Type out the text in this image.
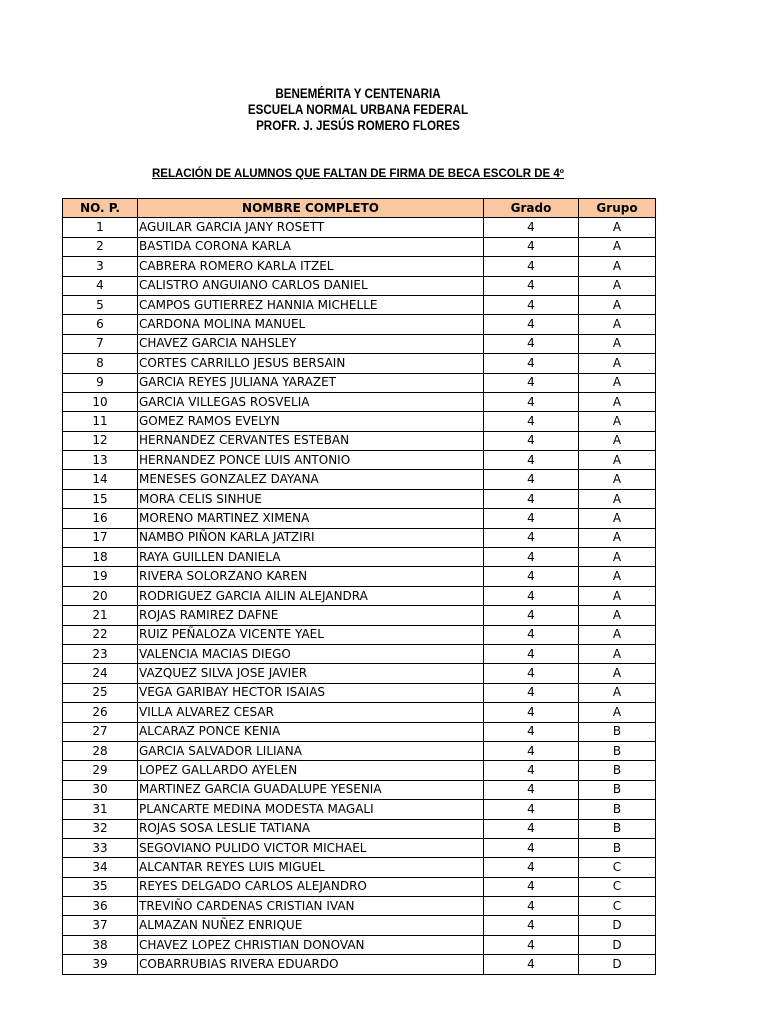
BENEMÉRITA Y CENTENARIA
ESCUELA NORMAL URBANA FEDERAL
PROFR. J. JESÚS ROMERO FLORES
RELACIÓN DE ALUMNOS QUE FALTAN DE FIRMA DE BECA ESCOLR DE 4º
NO. P.	NOMBRE COMPLETO	Grado	Grupo
1	AGUILAR GARCIA JANY ROSETT	4	A
2	BASTIDA CORONA KARLA	4	A
3	CABRERA ROMERO KARLA ITZEL	4	A
4	CALISTRO ANGUIANO CARLOS DANIEL	4	A
5	CAMPOS GUTIERREZ HANNIA MICHELLE	4	A
6	CARDONA MOLINA MANUEL	4	A
7	CHAVEZ GARCIA NAHSLEY	4	A
8	CORTES CARRILLO JESUS BERSAIN	4	A
9	GARCIA REYES JULIANA YARAZET	4	A
10	GARCIA VILLEGAS ROSVELIA	4	A
11	GOMEZ RAMOS EVELYN	4	A
12	HERNANDEZ CERVANTES ESTEBAN	4	A
13	HERNANDEZ PONCE LUIS ANTONIO	4	A
14	MENESES GONZALEZ DAYANA	4	A
15	MORA CELIS SINHUE	4	A
16	MORENO MARTINEZ XIMENA	4	A
17	NAMBO PIÑON KARLA JATZIRI	4	A
18	RAYA GUILLEN DANIELA	4	A
19	RIVERA SOLORZANO KAREN	4	A
20	RODRIGUEZ GARCIA AILIN ALEJANDRA	4	A
21	ROJAS RAMIREZ DAFNE	4	A
22	RUIZ PEÑALOZA VICENTE YAEL	4	A
23	VALENCIA MACIAS DIEGO	4	A
24	VAZQUEZ SILVA JOSE JAVIER	4	A
25	VEGA GARIBAY HECTOR ISAIAS	4	A
26	VILLA ALVAREZ CESAR	4	A
27	ALCARAZ PONCE KENIA	4	B
28	GARCIA SALVADOR LILIANA	4	B
29	LOPEZ GALLARDO AYELEN	4	B
30	MARTINEZ GARCIA GUADALUPE YESENIA	4	B
31	PLANCARTE MEDINA MODESTA MAGALI	4	B
32	ROJAS SOSA LESLIE TATIANA	4	B
33	SEGOVIANO PULIDO VICTOR MICHAEL	4	B
34	ALCANTAR REYES LUIS MIGUEL	4	C
35	REYES DELGADO CARLOS ALEJANDRO	4	C
36	TREVIÑO CARDENAS CRISTIAN IVAN	4	C
37	ALMAZAN NUÑEZ ENRIQUE	4	D
38	CHAVEZ LOPEZ CHRISTIAN DONOVAN	4	D
39	COBARRUBIAS RIVERA EDUARDO	4	D
